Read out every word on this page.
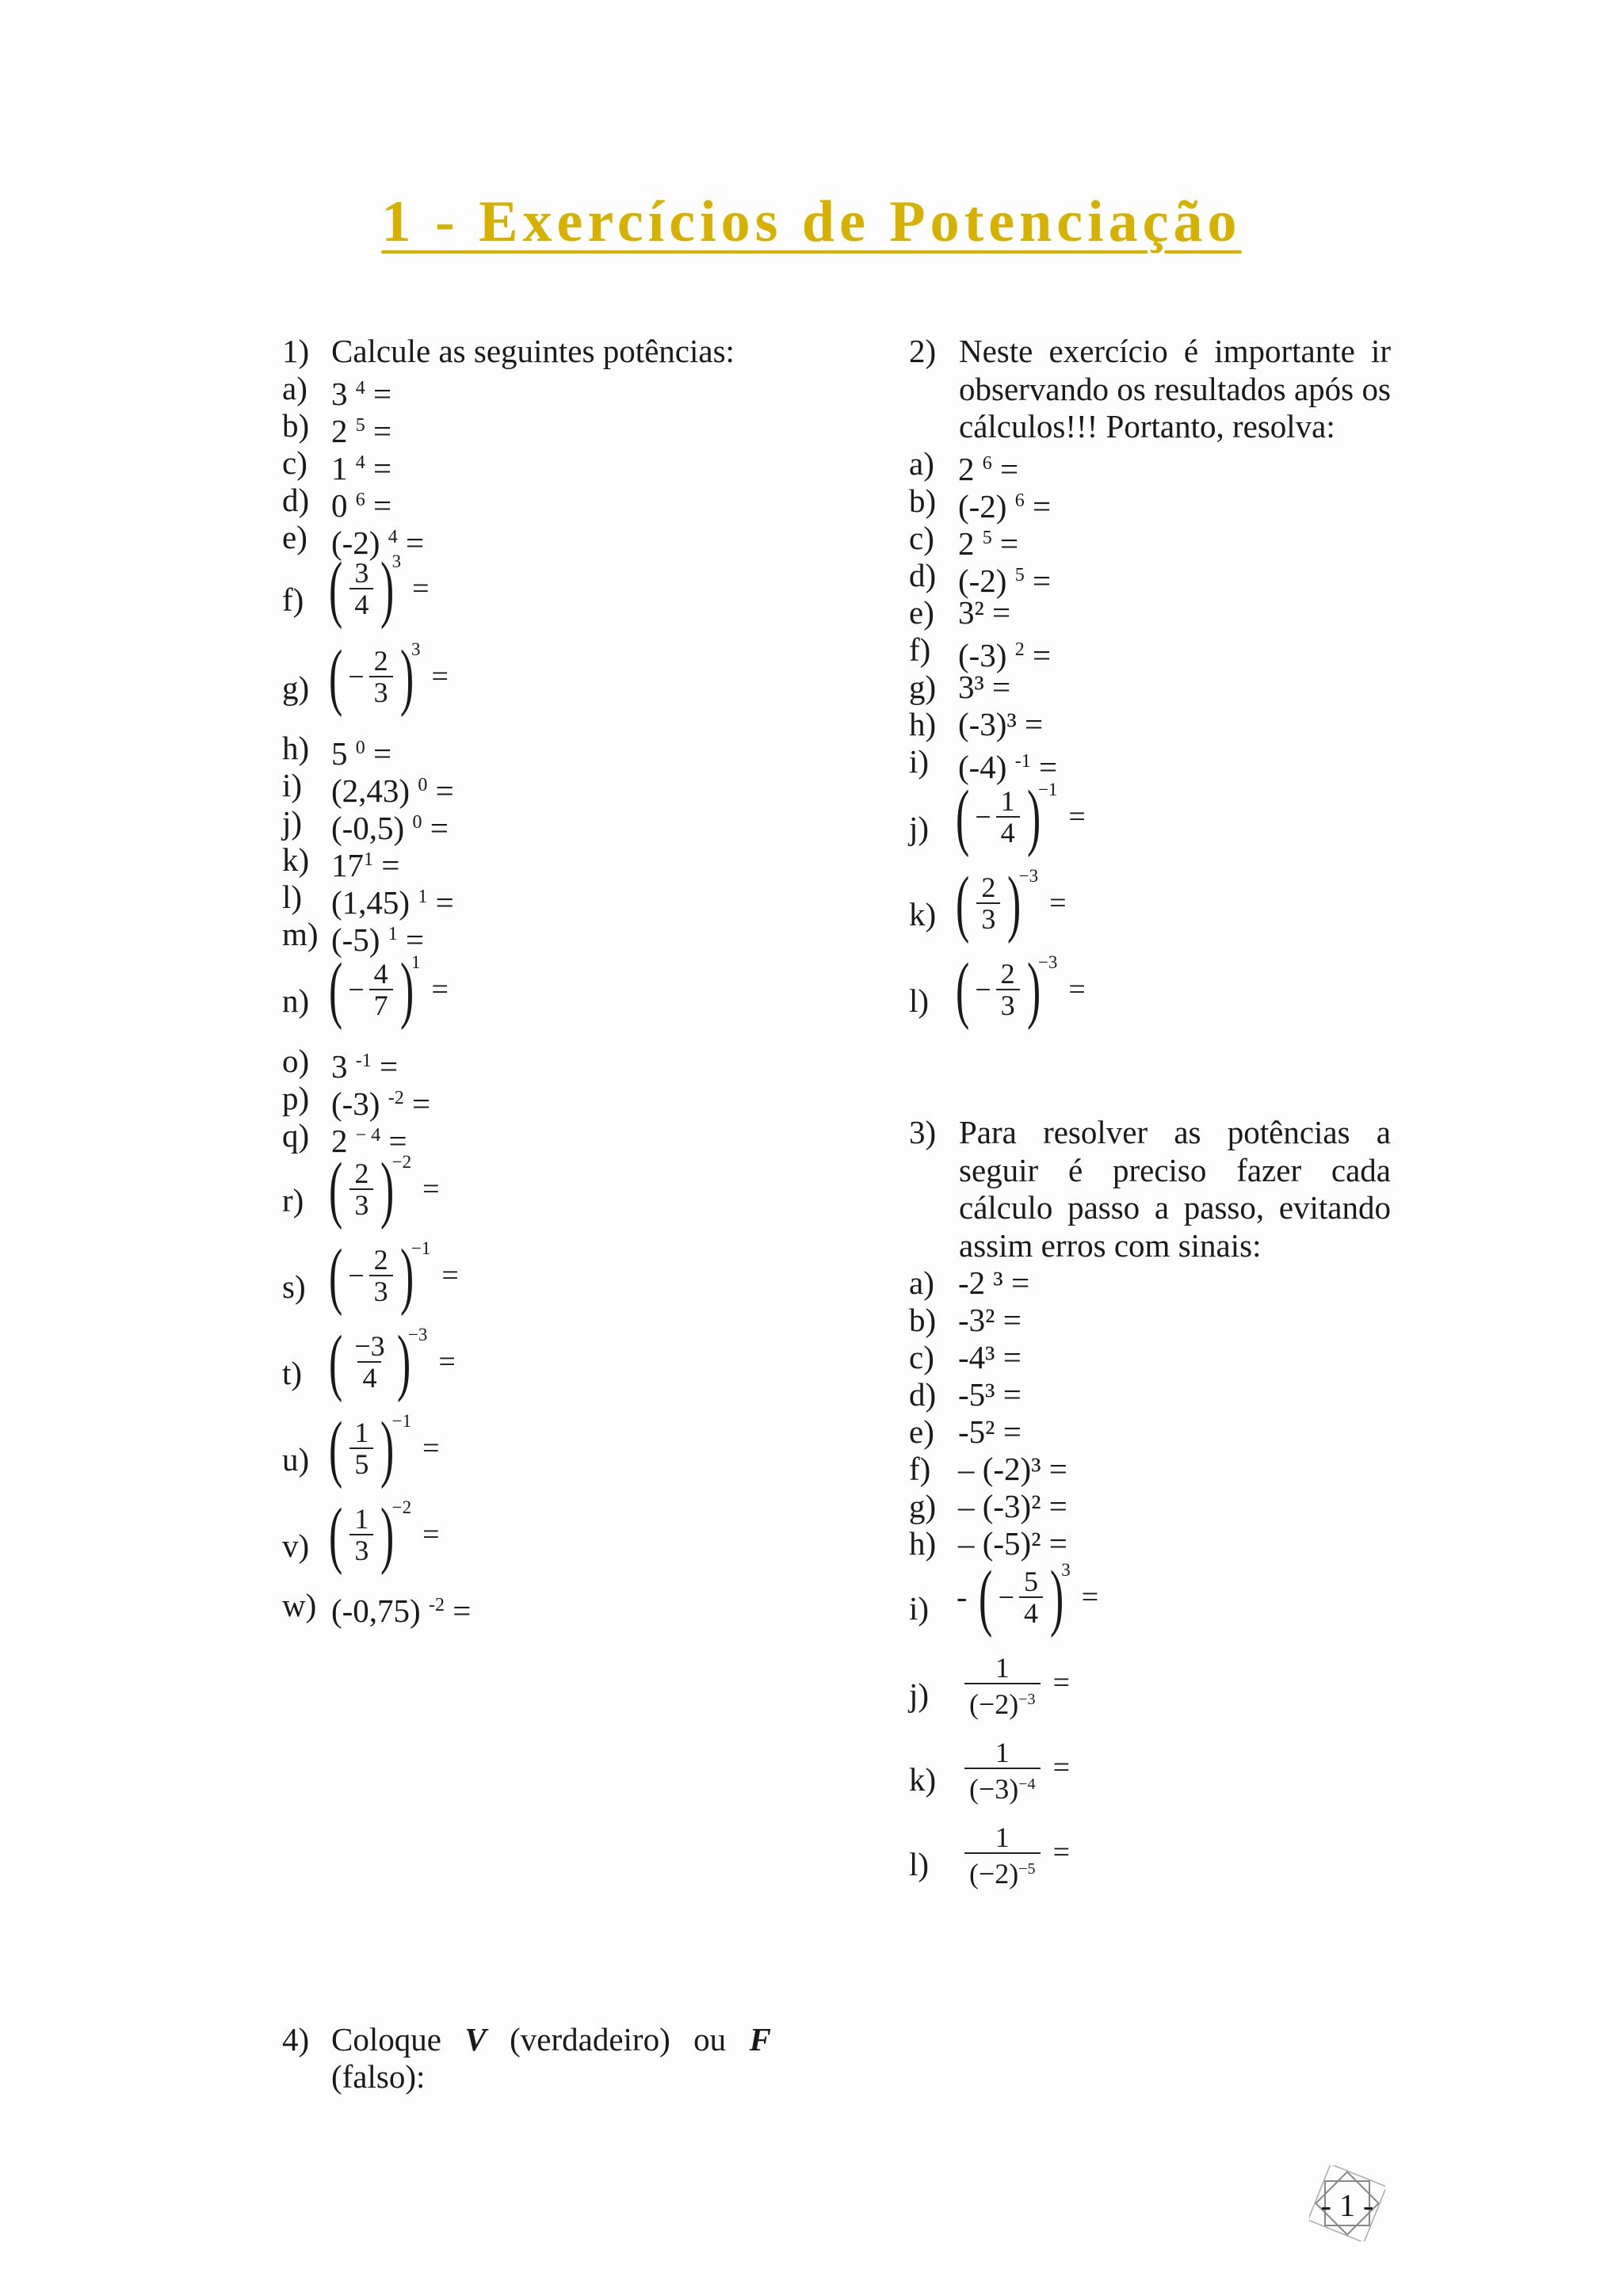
1 - Exercícios de Potenciação
1) Calcule as seguintes potências:
a) 3 $^4$ =
b) 2 $^5$ =
c) 1 $^4$ =
d) 0 $^6$ =
e) (-2) $^4$ =
f) ( $\frac{3}{4}$ )
3
=
g) ( − $\frac{2}{3}$ )
3
=
h) 5 $^0$ =
i) (2,43) $^0$ =
j) (-0,5) $^0$ =
k) $17^1$ =
l) (1,45) $^1$ =
m) (-5) $^1$ =
n) ( − $\frac{4}{7}$ )
1
=
o) 3 $^{-1}$ =
p) (-3) $^{-2}$ =
q) 2 $^{- 4}$ =
r) ( $\frac{2}{3}$ )
−2
=
s) ( − $\frac{2}{3}$ )
−1
=
t) ( $\frac{-3}{4}$ )
−3
=
u) ( $\frac{1}{5}$ )
−1
=
v) ( $\frac{1}{3}$ )
−2
=
w) (-0,75) $^{-2}$ =
2) Neste exercício é importante ir observando os resultados após os cálculos!!! Portanto, resolva:
a) 2 $^6$ =
b) (-2) $^6$ =
c) 2 $^5$ =
d) (-2) $^5$ =
e) 3² =
f) (-3) $^2$ =
g) 3³ =
h) (-3)³ =
i) (-4) $^{-1}$ =
j) ( − $\frac{1}{4}$ )
−1
=
k) ( $\frac{2}{3}$ )
−3
=
l) ( − $\frac{2}{3}$ )
−3
=
3) Para resolver as potências a seguir é preciso fazer cada cálculo passo a passo, evitando assim erros com sinais:
a) -2 ³ =
b) -3² =
c) -4³ =
d) -5³ =
e) -5² =
f) – (-2)³ =
g) – (-3)² =
h) – (-5)² =
i) - ( − $\frac{5}{4}$ )
3
=
$j) \frac{1}{(-2)^{-3}}$ =
$k) \frac{1}{(-3)^{-4}}$ =
$l) \frac{1}{(-2)^{-5}}$ =
4) Coloque V (verdadeiro) ou F
(falso):
- 1 -
